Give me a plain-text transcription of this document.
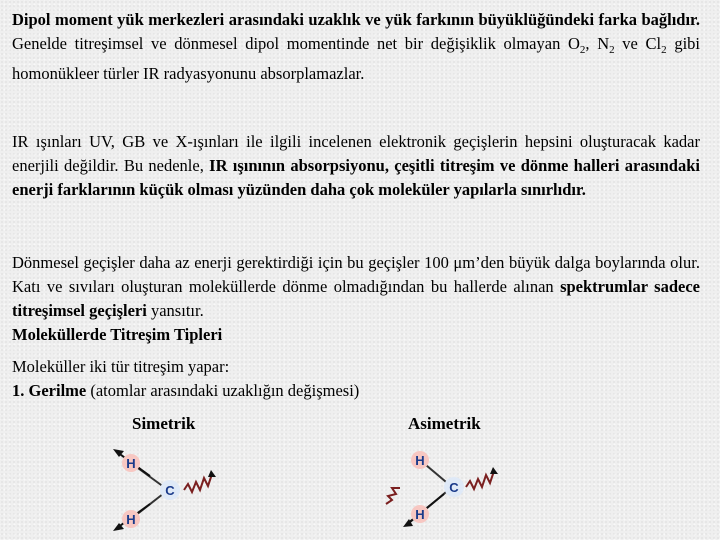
Dipol moment yük merkezleri arasındaki uzaklık ve yük farkının büyüklüğündeki farka bağlıdır. Genelde titreşimsel ve dönmesel dipol momentinde net bir değişiklik olmayan $O_2$, $N_2$ ve $Cl_2$ gibi homonükleer türler IR radyasyonunu absorplamazlar.

IR ışınları UV, GB ve X-ışınları ile ilgili incelenen elektronik geçişlerin hepsini oluşturacak kadar enerjili değildir. Bu nedenle, IR ışınının absorpsiyonu, çeşitli titreşim ve dönme halleri arasındaki enerji farklarının küçük olması yüzünden daha çok moleküler yapılarla sınırlıdır.

Dönmesel geçişler daha az enerji gerektirdiği için bu geçişler 100 μm’den büyük dalga boylarında olur. Katı ve sıvıları oluşturan moleküllerde dönme olmadığından bu hallerde alınan spektrumlar sadece titreşimsel geçişleri yansıtır.
Moleküllerde Titreşim Tipleri

Moleküller iki tür titreşim yapar:
1. Gerilme (atomlar arasındaki uzaklığın değişmesi)

Simetrik	Asimetrik
H
C
H
H
C
H
